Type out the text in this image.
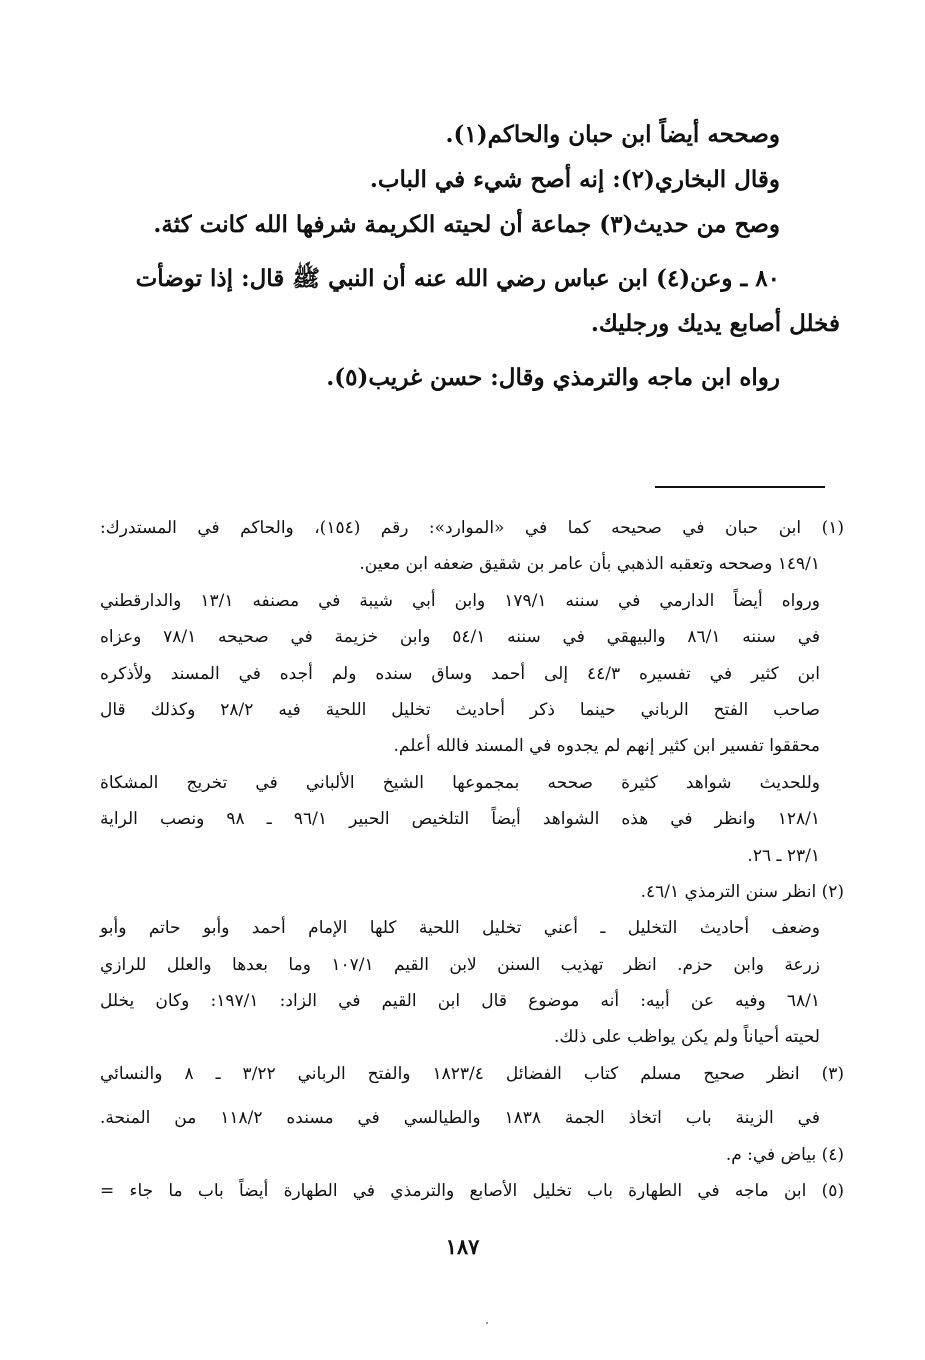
وصححه أيضاً ابن حبان والحاكم(١).
وقال البخاري(٢): إنه أصح شيء في الباب.
وصح من حديث(٣) جماعة أن لحيته الكريمة شرفها الله كانت كثة.
٨٠ ـ وعن(٤) ابن عباس رضي الله عنه أن النبي ﷺ قال: إذا توضأت
فخلل أصابع يديك ورجليك.
رواه ابن ماجه والترمذي وقال: حسن غريب(٥).
(١) ابن حبان في صحيحه كما في «الموارد»: رقم (١٥٤)، والحاكم في المستدرك:
١٤٩/١ وصححه وتعقبه الذهبي بأن عامر بن شقيق ضعفه ابن معين.
ورواه أيضاً الدارمي في سننه ١٧٩/١ وابن أبي شيبة في مصنفه ١٣/١ والدارقطني
في سننه ٨٦/١ والبيهقي في سننه ٥٤/١ وابن خزيمة في صحيحه ٧٨/١ وعزاه
ابن كثير في تفسيره ٤٤/٣ إلى أحمد وساق سنده ولم أجده في المسند ولأذكره
صاحب الفتح الرباني حينما ذكر أحاديث تخليل اللحية فيه ٢٨/٢ وكذلك قال
محققوا تفسير ابن كثير إنهم لم يجدوه في المسند فالله أعلم.
وللحديث شواهد كثيرة صححه بمجموعها الشيخ الألباني في تخريج المشكاة
١٢٨/١ وانظر في هذه الشواهد أيضاً التلخيص الحبير ٩٦/١ ـ ٩٨ ونصب الراية
٢٣/١ ـ ٢٦.
(٢) انظر سنن الترمذي ٤٦/١.
وضعف أحاديث التخليل ـ أعني تخليل اللحية كلها الإمام أحمد وأبو حاتم وأبو
زرعة وابن حزم. انظر تهذيب السنن لابن القيم ١٠٧/١ وما بعدها والعلل للرازي
٦٨/١ وفيه عن أبيه: أنه موضوع قال ابن القيم في الزاد: ١٩٧/١: وكان يخلل
لحيته أحياناً ولم يكن يواظب على ذلك.
(٣) انظر صحيح مسلم كتاب الفضائل ١٨٢٣/٤ والفتح الرباني ٣/٢٢ ـ ٨ والنسائي
في الزينة باب اتخاذ الجمة ١٨٣٨ والطيالسي في مسنده ١١٨/٢ من المنحة.
(٤) بياض في: م.
(٥) ابن ماجه في الطهارة باب تخليل الأصابع والترمذي في الطهارة أيضاً باب ما جاء =
١٨٧
